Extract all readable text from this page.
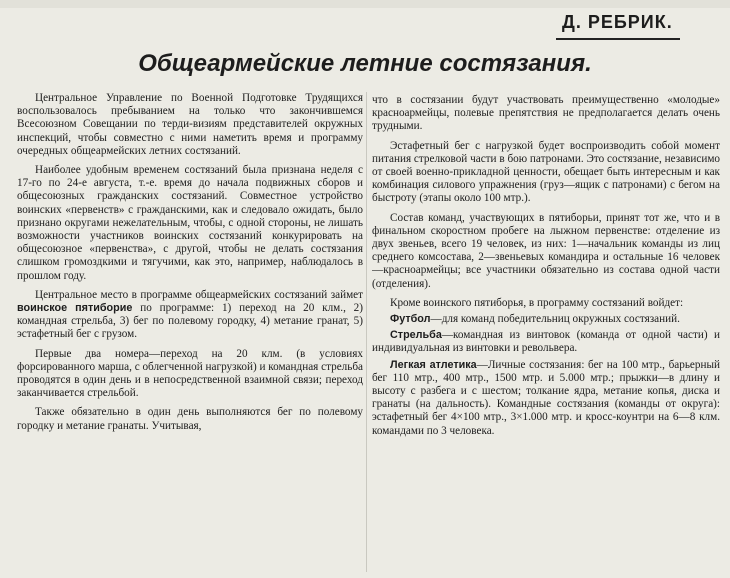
Д. РЕБРИК.
Общеармейские летние состязания.

Центральное Управление по Военной Подготовке Трудящихся воспользовалось пребыванием на только что закончившемся Всесоюзном Совещании по терди-визиям представителей окружных инспекций, чтобы совместно с ними наметить время и программу очередных общеармейских летних состязаний.

Наиболее удобным временем состязаний была признана неделя с 17-го по 24-е августа, т.-е. время до начала подвижных сборов и общесоюзных гражданских состязаний. Совместное устройство воинских «первенств» с гражданскими, как и следовало ожидать, было признано округами нежелательным, чтобы, с одной стороны, не лишать возможности участников воинских состязаний конкурировать на общесоюзное «первенства», с другой, чтобы не делать состязания слишком громоздкими и тягучими, как это, например, наблюдалось в прошлом году.

Центральное место в программе общеармейских состязаний займет воинское пятиборие по программе: 1) переход на 20 клм., 2) командная стрельба, 3) бег по полевому городку, 4) метание гранат, 5) эстафетный бег с грузом.

Первые два номера—переход на 20 клм. (в условиях форсированного марша, с облегченной нагрузкой) и командная стрельба проводятся в один день и в непосредственной взаимной связи; переход заканчивается стрельбой.

Также обязательно в один день выполняются бег по полевому городку и метание гранаты. Учитывая,

что в состязании будут участвовать преимущественно «молодые» красноармейцы, полевые препятствия не предполагается делать очень трудными.

Эстафетный бег с нагрузкой будет воспроизводить собой момент питания стрелковой части в бою патронами. Это состязание, независимо от своей военно-прикладной ценности, обещает быть интересным и как комбинация силового упражнения (груз—ящик с патронами) с бегом на быстроту (этапы около 100 мтр.).

Состав команд, участвующих в пятиборьи, принят тот же, что и в финальном скоростном пробеге на лыжном первенстве: отделение из двух звеньев, всего 19 человек, из них: 1—начальник команды из лиц среднего комсостава, 2—звеньевых командира и остальные 16 человек—красноармейцы; все участники обязательно из состава одной части (отделения).

Кроме воинского пятиборья, в программу состязаний войдет:

Футбол—для команд победительниц окружных состязаний.

Стрельба—командная из винтовок (команда от одной части) и индивидуальная из винтовки и револьвера.

Легкая атлетика—Личные состязания: бег на 100 мтр., барьерный бег 110 мтр., 400 мтр., 1500 мтр. и 5.000 мтр.; прыжки—в длину и высоту с разбега и с шестом; толкание ядра, метание копья, диска и гранаты (на дальность). Командные состязания (команды от округа): эстафетный бег 4×100 мтр., 3×1.000 мтр. и кросс-коунтри на 6—8 клм. командами по 3 человека.
